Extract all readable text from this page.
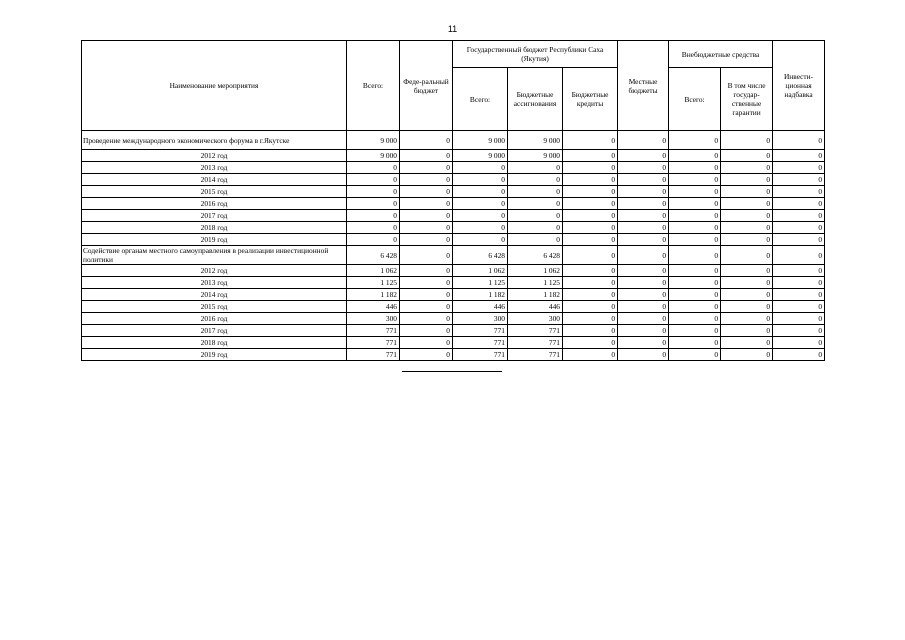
11
Наименование мероприятия	Всего:	Феде-ральный бюджет	Государственный бюджет Республики Саха (Якутия)			Местные бюджеты	Внебюджетные средства		Инвести-ционная надбавка
			Всего:	Бюджетные ассигнования	Бюджетные кредиты		Всего:	В том числе государ-ственные гарантии	
Проведение международного экономического форума в г.Якутске	9 000	0	9 000	9 000	0	0	0	0	0
2012 год	9 000	0	9 000	9 000	0	0	0	0	0
2013 год	0	0	0	0	0	0	0	0	0
2014 год	0	0	0	0	0	0	0	0	0
2015 год	0	0	0	0	0	0	0	0	0
2016 год	0	0	0	0	0	0	0	0	0
2017 год	0	0	0	0	0	0	0	0	0
2018 год	0	0	0	0	0	0	0	0	0
2019 год	0	0	0	0	0	0	0	0	0
Содействие органам местного самоуправления в реализации инвестиционной политики	6 428	0	6 428	6 428	0	0	0	0	0
2012 год	1 062	0	1 062	1 062	0	0	0	0	0
2013 год	1 125	0	1 125	1 125	0	0	0	0	0
2014 год	1 182	0	1 182	1 182	0	0	0	0	0
2015 год	446	0	446	446	0	0	0	0	0
2016 год	300	0	300	300	0	0	0	0	0
2017 год	771	0	771	771	0	0	0	0	0
2018 год	771	0	771	771	0	0	0	0	0
2019 год	771	0	771	771	0	0	0	0	0
